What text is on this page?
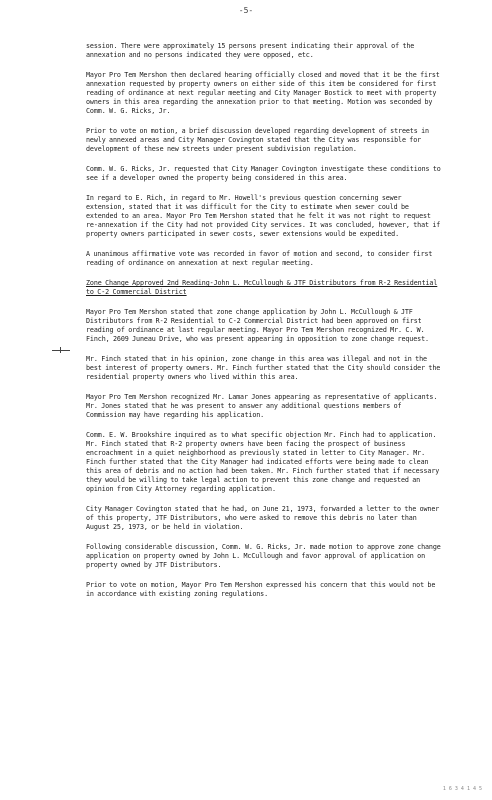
-5-

session. There were approximately 15 persons present indicating their approval of the annexation and no persons indicated they were opposed, etc.

Mayor Pro Tem Mershon then declared hearing officially closed and moved that it be the first annexation requested by property owners on either side of this item be considered for first reading of ordinance at next regular meeting and City Manager Bostick to meet with property owners in this area regarding the annexation prior to that meeting. Motion was seconded by Comm. W. G. Ricks, Jr.

Prior to vote on motion, a brief discussion developed regarding development of streets in newly annexed areas and City Manager Covington stated that the City was responsible for development of these new streets under present subdivision regulation.

Comm. W. G. Ricks, Jr. requested that City Manager Covington investigate these conditions to see if a developer owned the property being considered in this area.

In regard to E. Rich, in regard to Mr. Howell's previous question concerning sewer extension, stated that it was difficult for the City to estimate when sewer could be extended to an area. Mayor Pro Tem Mershon stated that he felt it was not right to request re-annexation if the City had not provided City services. It was concluded, however, that if property owners participated in sewer costs, sewer extensions would be expedited.

A unanimous affirmative vote was recorded in favor of motion and second, to consider first reading of ordinance on annexation at next regular meeting.

Zone Change Approved 2nd Reading-John L. McCullough & JTF Distributors from R-2 Residential to C-2 Commercial District

Mayor Pro Tem Mershon stated that zone change application by John L. McCullough & JTF Distributors from R-2 Residential to C-2 Commercial District had been approved on first reading of ordinance at last regular meeting. Mayor Pro Tem Mershon recognized Mr. C. W. Finch, 2609 Juneau Drive, who was present appearing in opposition to zone change request.

Mr. Finch stated that in his opinion, zone change in this area was illegal and not in the best interest of property owners. Mr. Finch further stated that the City should consider the residential property owners who lived within this area.

Mayor Pro Tem Mershon recognized Mr. Lamar Jones appearing as representative of applicants. Mr. Jones stated that he was present to answer any additional questions members of Commission may have regarding his application.

Comm. E. W. Brookshire inquired as to what specific objection Mr. Finch had to application. Mr. Finch stated that R-2 property owners have been facing the prospect of business encroachment in a quiet neighborhood as previously stated in letter to City Manager. Mr. Finch further stated that the City Manager had indicated efforts were being made to clean this area of debris and no action had been taken. Mr. Finch further stated that if necessary they would be willing to take legal action to prevent this zone change and requested an opinion from City Attorney regarding application.

City Manager Covington stated that he had, on June 21, 1973, forwarded a letter to the owner of this property, JTF Distributors, who were asked to remove this debris no later than August 25, 1973, or be held in violation.

Following considerable discussion, Comm. W. G. Ricks, Jr. made motion to approve zone change application on property owned by John L. McCullough and favor approval of application on property owned by JTF Distributors.

Prior to vote on motion, Mayor Pro Tem Mershon expressed his concern that this would not be in accordance with existing zoning regulations.

1 6 3 4 1 4 5
